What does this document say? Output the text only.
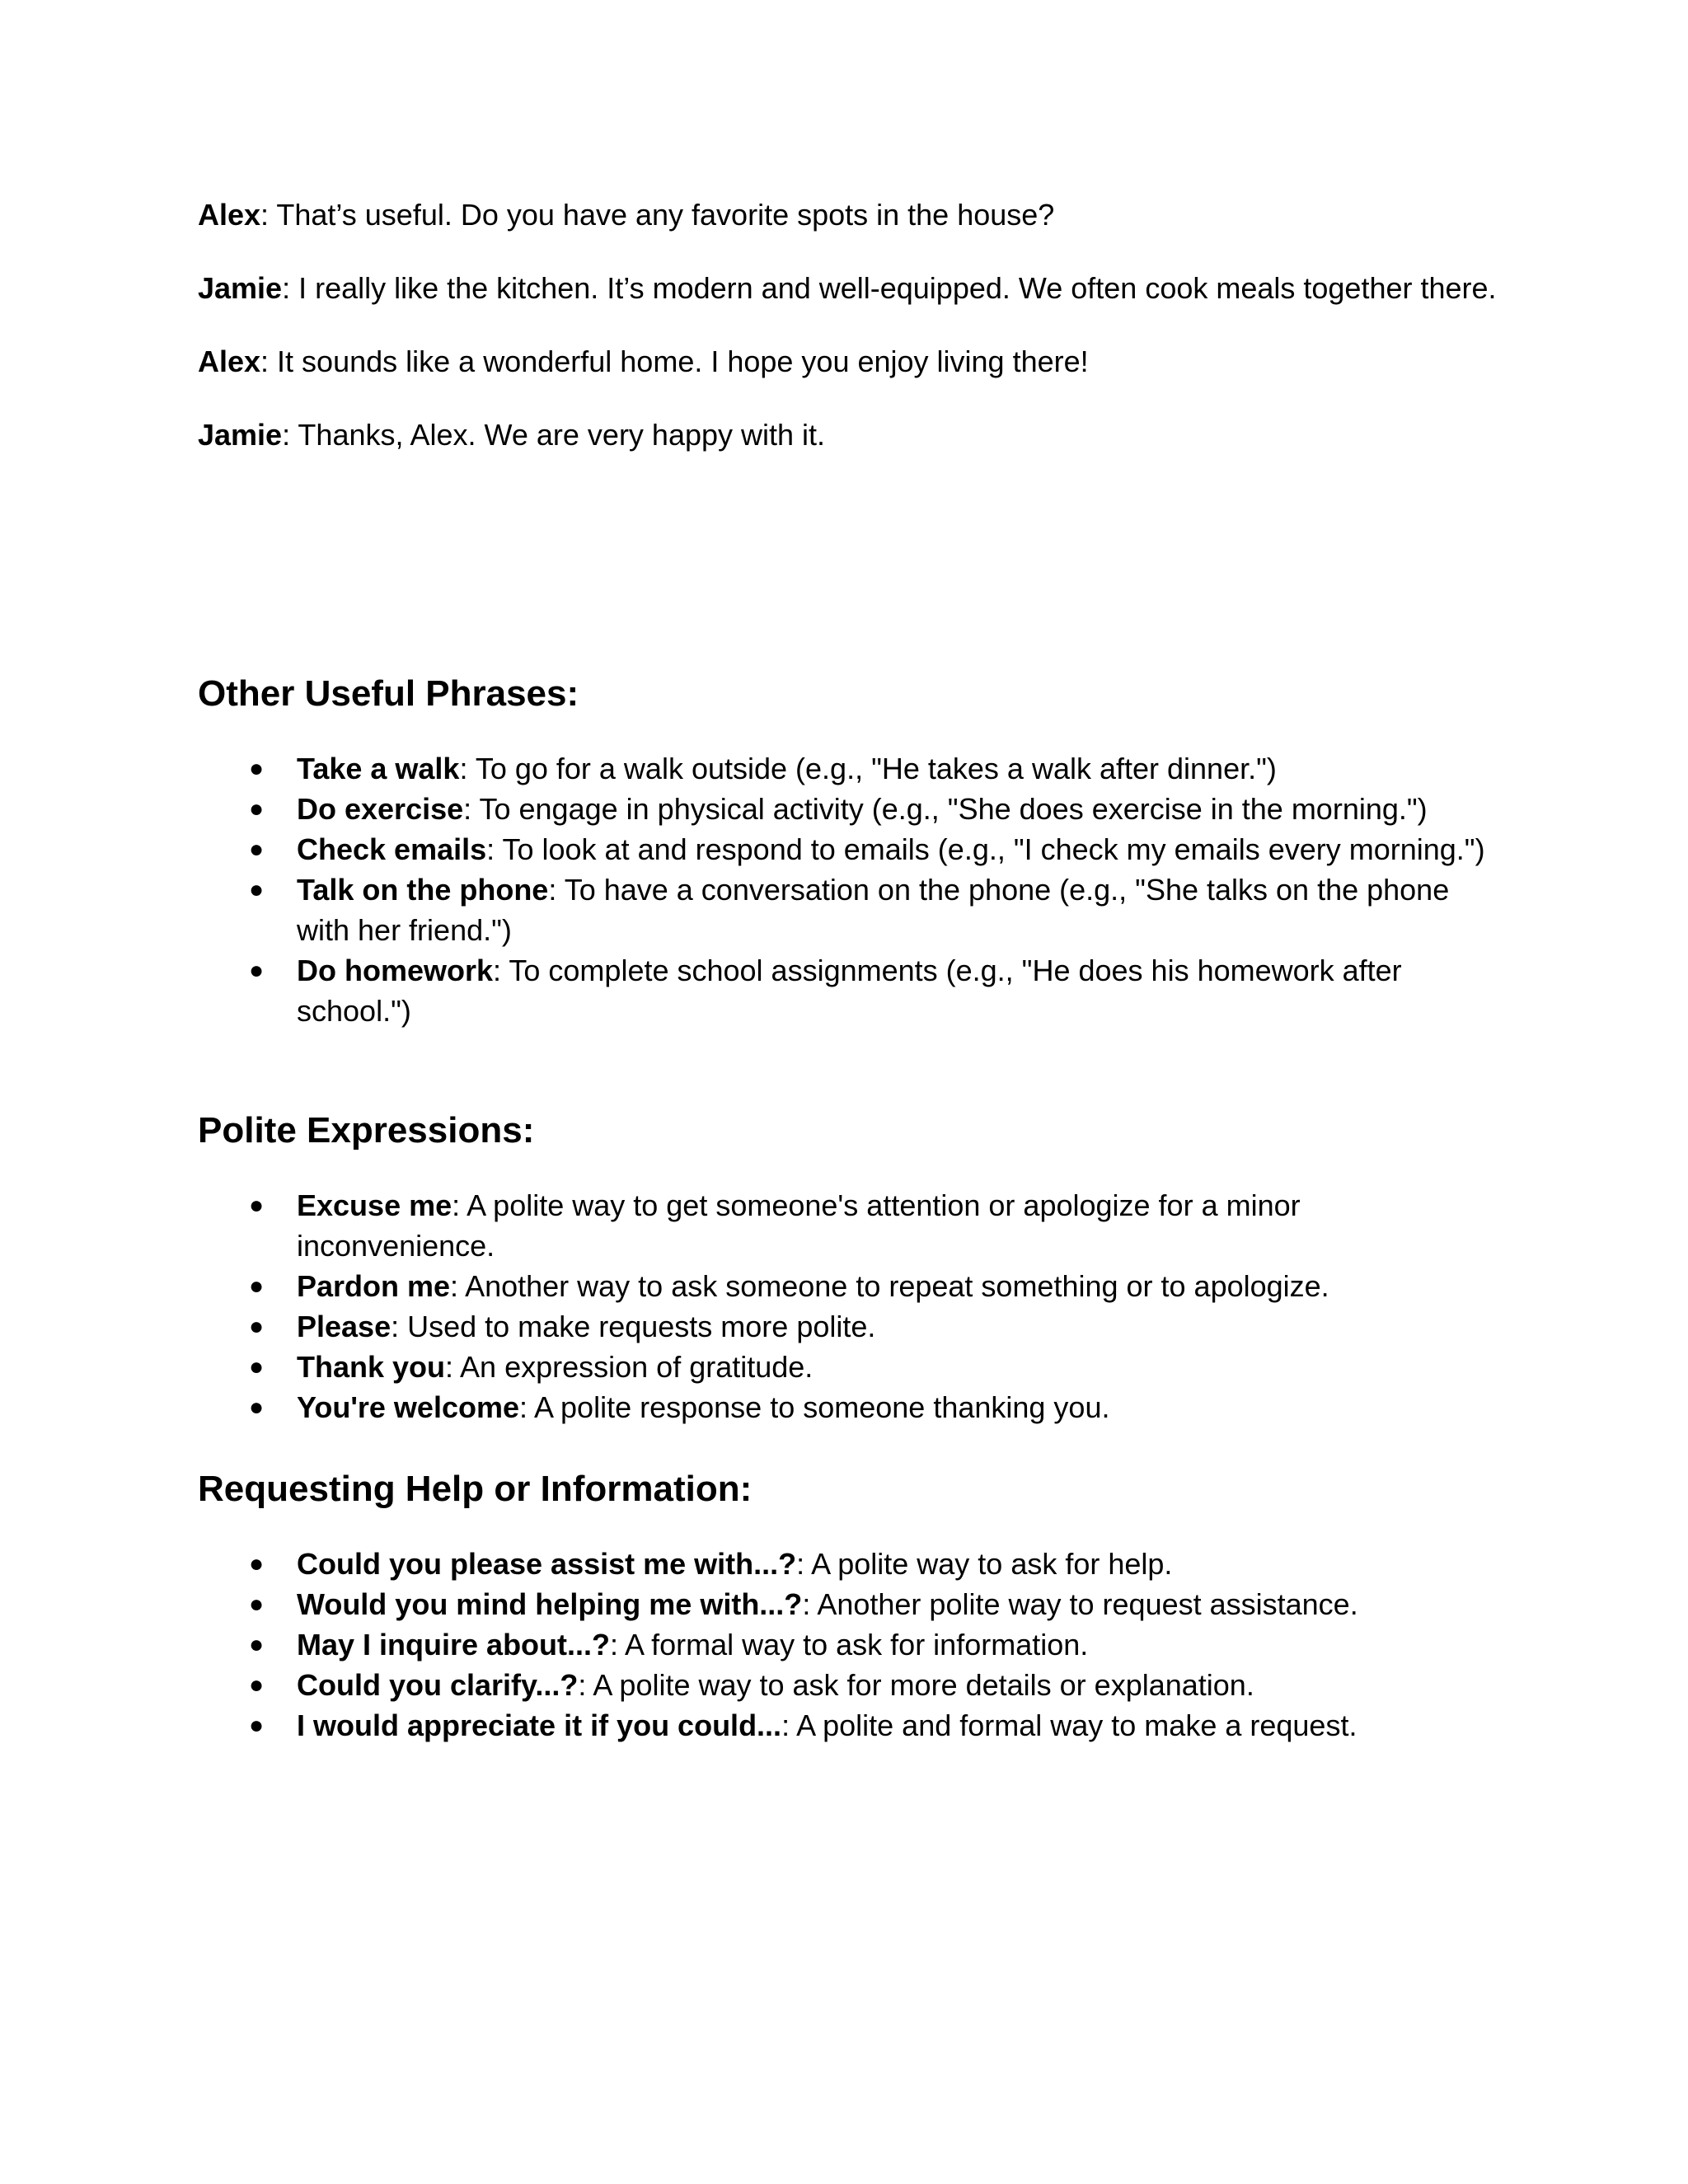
Alex: That’s useful. Do you have any favorite spots in the house?

Jamie: I really like the kitchen. It’s modern and well-equipped. We often cook meals together there.

Alex: It sounds like a wonderful home. I hope you enjoy living there!

Jamie: Thanks, Alex. We are very happy with it.

Other Useful Phrases:
● Take a walk: To go for a walk outside (e.g., "He takes a walk after dinner.")
● Do exercise: To engage in physical activity (e.g., "She does exercise in the morning.")
● Check emails: To look at and respond to emails (e.g., "I check my emails every morning.")
● Talk on the phone: To have a conversation on the phone (e.g., "She talks on the phone with her friend.")
● Do homework: To complete school assignments (e.g., "He does his homework after school.")
Polite Expressions:
● Excuse me: A polite way to get someone's attention or apologize for a minor inconvenience.
● Pardon me: Another way to ask someone to repeat something or to apologize.
● Please: Used to make requests more polite.
● Thank you: An expression of gratitude.
● You're welcome: A polite response to someone thanking you.
Requesting Help or Information:
● Could you please assist me with...?: A polite way to ask for help.
● Would you mind helping me with...?: Another polite way to request assistance.
● May I inquire about...?: A formal way to ask for information.
● Could you clarify...?: A polite way to ask for more details or explanation.
● I would appreciate it if you could...: A polite and formal way to make a request.
